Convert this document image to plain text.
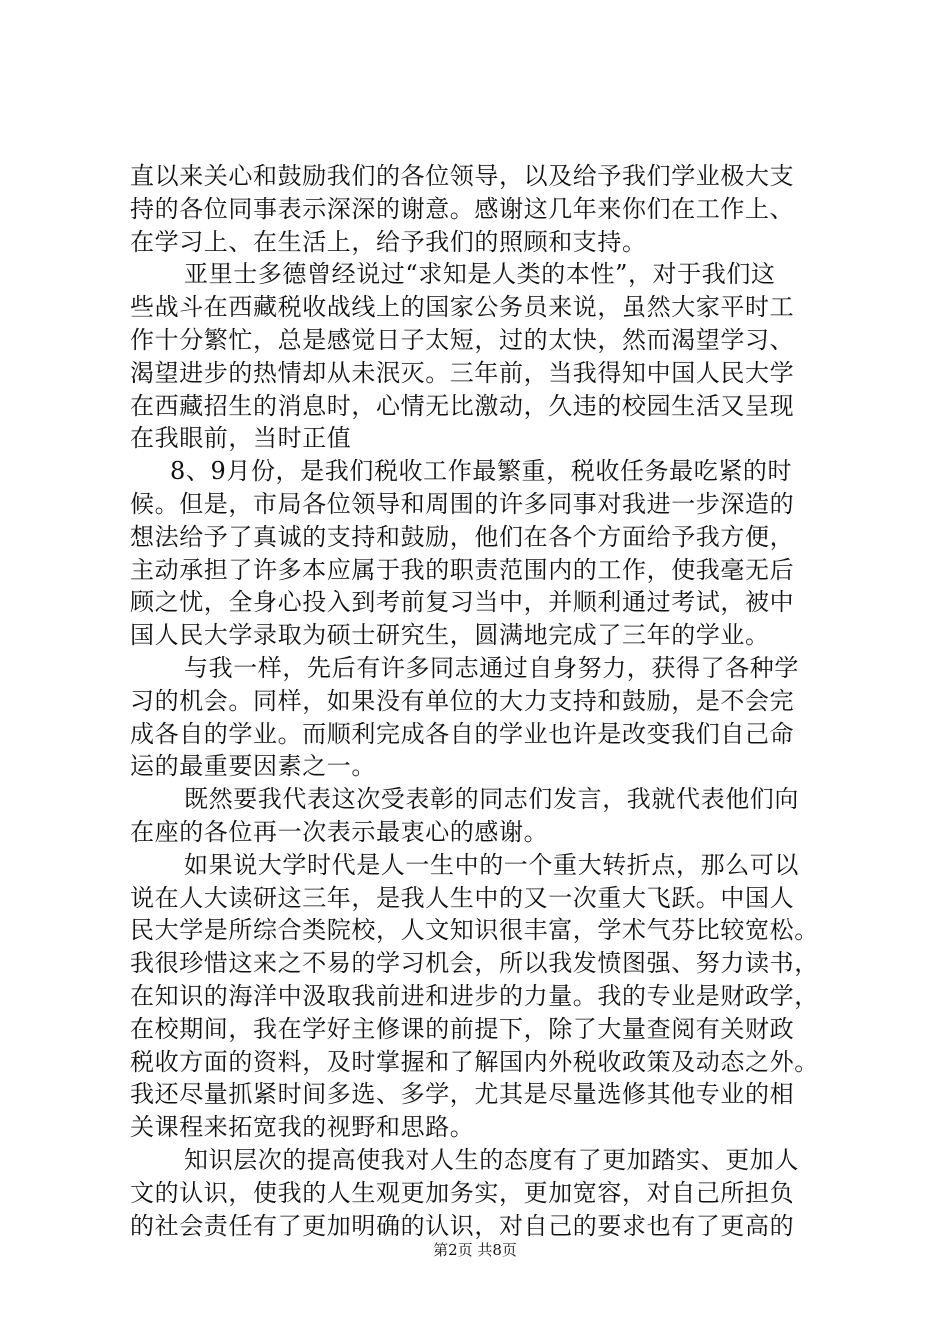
直以来关心和鼓励我们的各位领导，以及给予我们学业极大支
持的各位同事表示深深的谢意。感谢这几年来你们在工作上、
在学习上、在生活上，给予我们的照顾和支持。
亚里士多德曾经说过“求知是人类的本性”，对于我们这
些战斗在西藏税收战线上的国家公务员来说，虽然大家平时工
作十分繁忙，总是感觉日子太短，过的太快，然而渴望学习、
渴望进步的热情却从未泯灭。三年前，当我得知中国人民大学
在西藏招生的消息时，心情无比激动，久违的校园生活又呈现
在我眼前，当时正值
8、9月份，是我们税收工作最繁重，税收任务最吃紧的时
候。但是，市局各位领导和周围的许多同事对我进一步深造的
想法给予了真诚的支持和鼓励，他们在各个方面给予我方便，
主动承担了许多本应属于我的职责范围内的工作，使我毫无后
顾之忧，全身心投入到考前复习当中，并顺利通过考试，被中
国人民大学录取为硕士研究生，圆满地完成了三年的学业。
与我一样，先后有许多同志通过自身努力，获得了各种学
习的机会。同样，如果没有单位的大力支持和鼓励，是不会完
成各自的学业。而顺利完成各自的学业也许是改变我们自己命
运的最重要因素之一。
既然要我代表这次受表彰的同志们发言，我就代表他们向
在座的各位再一次表示最衷心的感谢。
如果说大学时代是人一生中的一个重大转折点，那么可以
说在人大读研这三年，是我人生中的又一次重大飞跃。中国人
民大学是所综合类院校，人文知识很丰富，学术气芬比较宽松。
我很珍惜这来之不易的学习机会，所以我发愤图强、努力读书，
在知识的海洋中汲取我前进和进步的力量。我的专业是财政学，
在校期间，我在学好主修课的前提下，除了大量查阅有关财政
税收方面的资料，及时掌握和了解国内外税收政策及动态之外。
我还尽量抓紧时间多选、多学，尤其是尽量选修其他专业的相
关课程来拓宽我的视野和思路。
知识层次的提高使我对人生的态度有了更加踏实、更加人
文的认识，使我的人生观更加务实，更加宽容，对自己所担负
的社会责任有了更加明确的认识，对自己的要求也有了更高的
第2页 共8页
